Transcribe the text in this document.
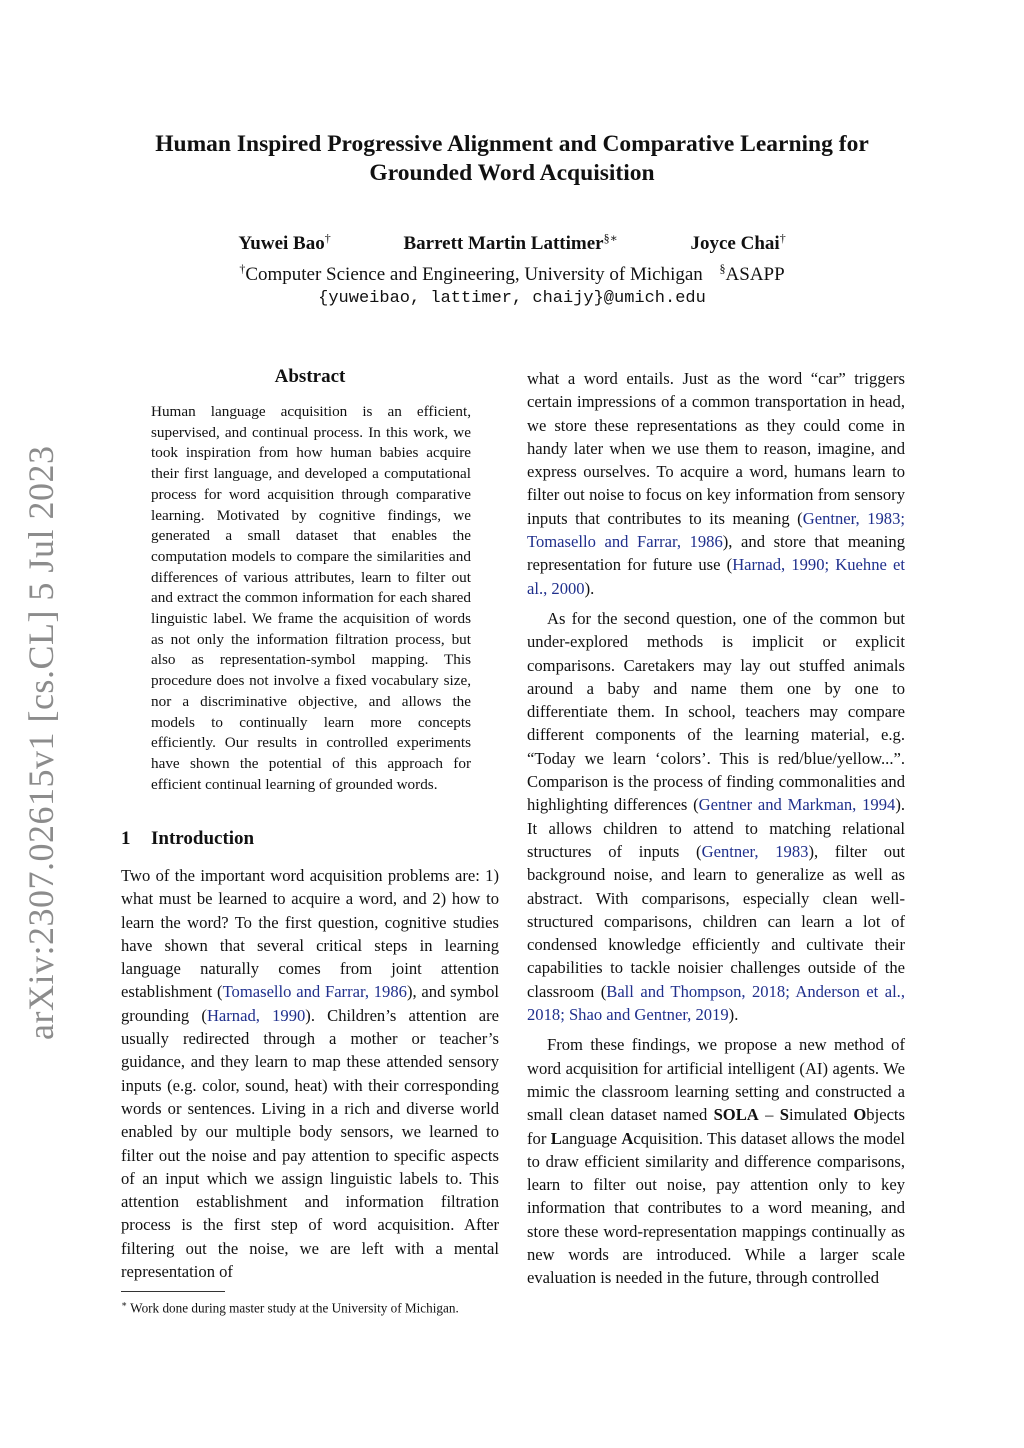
arXiv:2307.02615v1 [cs.CL] 5 Jul 2023
Human Inspired Progressive Alignment and Comparative Learning for
Grounded Word Acquisition
Yuwei Bao†	Barrett Martin Lattimer§∗	Joyce Chai†
†Computer Science and Engineering, University of Michigan §ASAPP
{yuweibao, lattimer, chaijy}@umich.edu
Abstract
Human language acquisition is an efficient, supervised, and continual process. In this work, we took inspiration from how human babies acquire their first language, and developed a computational process for word acquisition through comparative learning. Motivated by cognitive findings, we generated a small dataset that enables the computation models to compare the similarities and differences of various attributes, learn to filter out and extract the common information for each shared linguistic label. We frame the acquisition of words as not only the information filtration process, but also as representation-symbol mapping. This procedure does not involve a fixed vocabulary size, nor a discriminative objective, and allows the models to continually learn more concepts efficiently. Our results in controlled experiments have shown the potential of this approach for efficient continual learning of grounded words.
1 Introduction

Two of the important word acquisition problems are: 1) what must be learned to acquire a word, and 2) how to learn the word? To the first question, cognitive studies have shown that several critical steps in learning language naturally comes from joint attention establishment (Tomasello and Farrar, 1986), and symbol grounding (Harnad, 1990). Children’s attention are usually redirected through a mother or teacher’s guidance, and they learn to map these attended sensory inputs (e.g. color, sound, heat) with their corresponding words or sentences. Living in a rich and diverse world enabled by our multiple body sensors, we learned to filter out the noise and pay attention to specific aspects of an input which we assign linguistic labels to. This attention establishment and information filtration process is the first step of word acquisition. After filtering out the noise, we are left with a mental representation of

what a word entails. Just as the word “car” triggers certain impressions of a common transportation in head, we store these representations as they could come in handy later when we use them to reason, imagine, and express ourselves. To acquire a word, humans learn to filter out noise to focus on key information from sensory inputs that contributes to its meaning (Gentner, 1983; Tomasello and Farrar, 1986), and store that meaning representation for future use (Harnad, 1990; Kuehne et al., 2000).

As for the second question, one of the common but under-explored methods is implicit or explicit comparisons. Caretakers may lay out stuffed animals around a baby and name them one by one to differentiate them. In school, teachers may compare different components of the learning material, e.g. “Today we learn ‘colors’. This is red/blue/yellow...”. Comparison is the process of finding commonalities and highlighting differences (Gentner and Markman, 1994). It allows children to attend to matching relational structures of inputs (Gentner, 1983), filter out background noise, and learn to generalize as well as abstract. With comparisons, especially clean well-structured comparisons, children can learn a lot of condensed knowledge efficiently and cultivate their capabilities to tackle noisier challenges outside of the classroom (Ball and Thompson, 2018; Anderson et al., 2018; Shao and Gentner, 2019).

From these findings, we propose a new method of word acquisition for artificial intelligent (AI) agents. We mimic the classroom learning setting and constructed a small clean dataset named SOLA – Simulated Objects for Language Acquisition. This dataset allows the model to draw efficient similarity and difference comparisons, learn to filter out noise, pay attention only to key information that contributes to a word meaning, and store these word-representation mappings continually as new words are introduced. While a larger scale evaluation is needed in the future, through controlled

∗ Work done during master study at the University of Michigan.
